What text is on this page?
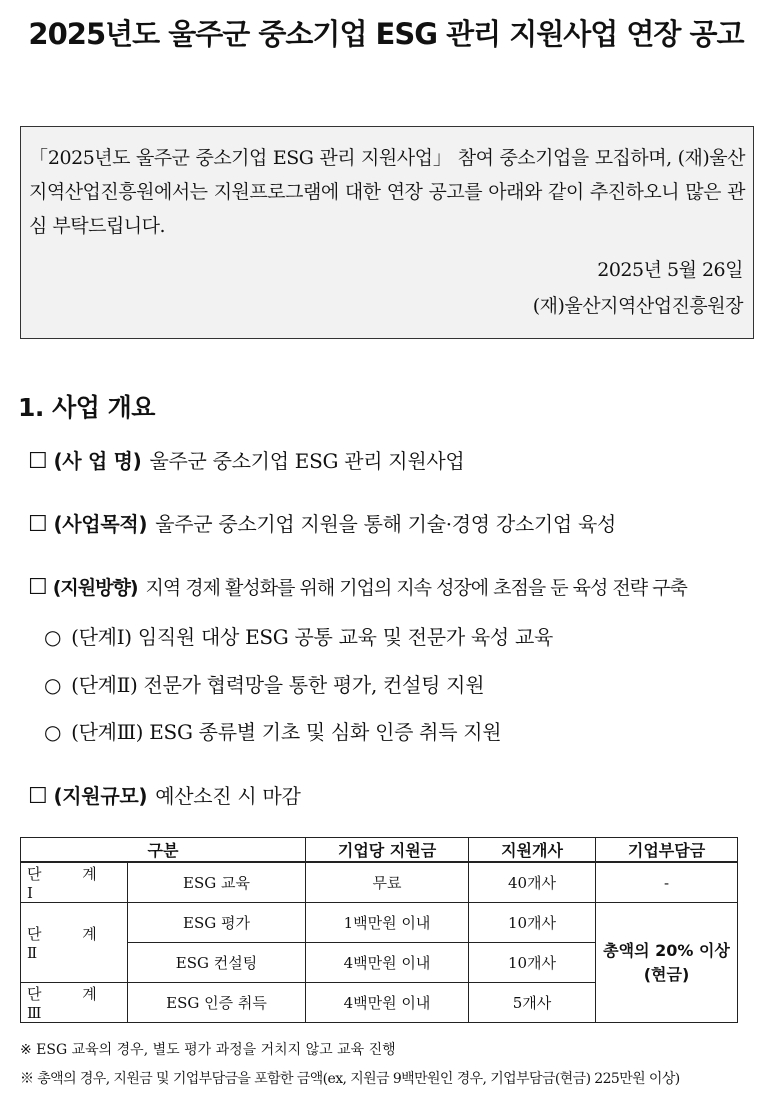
2025년도 울주군 중소기업 ESG 관리 지원사업 연장 공고
「2025년도 울주군 중소기업 ESG 관리 지원사업」 참여 중소기업을 모집하며, (재)울산지역산업진흥원에서는 지원프로그램에 대한 연장 공고를 아래와 같이 추진하오니 많은 관심 부탁드립니다.
2025년 5월 26일
(재)울산지역산업진흥원장
1. 사업 개요
☐ (사 업 명) 울주군 중소기업 ESG 관리 지원사업
☐ (사업목적) 울주군 중소기업 지원을 통해 기술·경영 강소기업 육성
☐ (지원방향) 지역 경제 활성화를 위해 기업의 지속 성장에 초점을 둔 육성 전략 구축
○ (단계Ⅰ) 임직원 대상 ESG 공통 교육 및 전문가 육성 교육
○ (단계Ⅱ) 전문가 협력망을 통한 평가, 컨설팅 지원
○ (단계Ⅲ) ESG 종류별 기초 및 심화 인증 취득 지원
☐ (지원규모) 예산소진 시 마감
구분		기업당 지원금	지원개사	기업부담금
단 계 Ⅰ	ESG 교육	무료	40개사	-
단 계 Ⅱ	ESG 평가	1백만원 이내	10개사	총액의 20% 이상
(현금)

	ESG 컨설팅	4백만원 이내	10개사	
단 계 Ⅲ	ESG 인증 취득	4백만원 이내	5개사	
※ ESG 교육의 경우, 별도 평가 과정을 거치지 않고 교육 진행
※ 총액의 경우, 지원금 및 기업부담금을 포함한 금액(ex, 지원금 9백만원인 경우, 기업부담금(현금) 225만원 이상)
